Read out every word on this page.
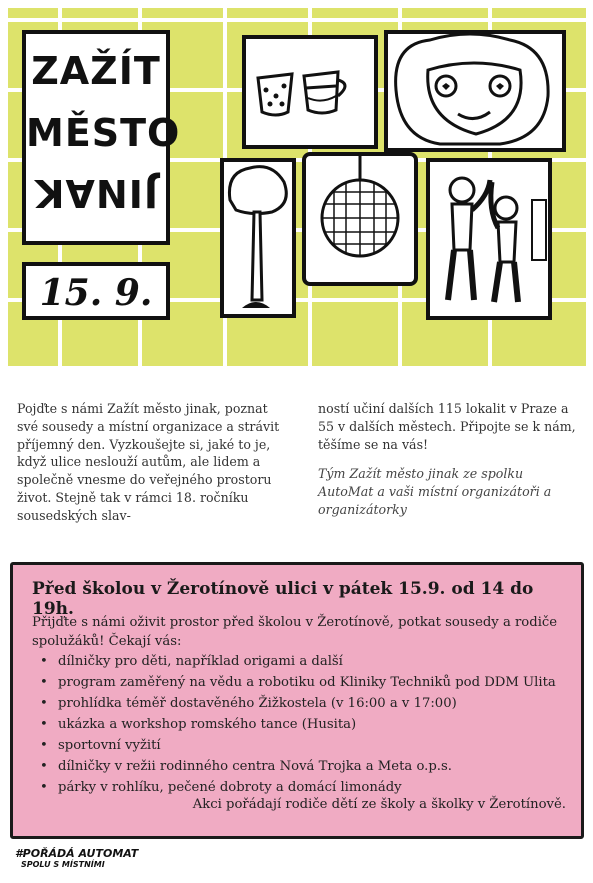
ZAŽÍT
MĚSTO
JINAK
15. 9.

Pojďte s námi Zažít město jinak, poznat své sousedy a místní organizace a strávit příjemný den. Vyzkoušejte si, jaké to je, když ulice neslouží autům, ale lidem a společně vnesme do veřejného prostoru život. Stejně tak v rámci 18. ročníku sousedských slav-

ností učiní dalších 115 lokalit v Praze a 55 v dalších městech. Připojte se k nám, těšíme se na vás!

Tým Zažít město jinak ze spolku AutoMat a vaši místní organizátoři a organizátorky

Před školou v Žerotínově ulici v pátek 15.9. od 14 do 19h.
Přijďte s námi oživit prostor před školou v Žerotínově, potkat sousedy a rodiče spolužáků! Čekají vás:
• dílničky pro děti, například origami a další
• program zaměřený na vědu a robotiku od Kliniky Techniků pod DDM Ulita
• prohlídka téměř dostavěného Žižkostela (v 16:00 a v 17:00)
• ukázka a workshop romského tance (Husita)
• sportovní vyžití
• dílničky v režii rodinného centra Nová Trojka a Meta o.p.s.
• párky v rohlíku, pečené dobroty a domácí limonády
Akci pořádají rodiče dětí ze školy a školky v Žerotínově.
#POŘÁDÁ AUTOMAT
SPOLU S MÍSTNÍMI
